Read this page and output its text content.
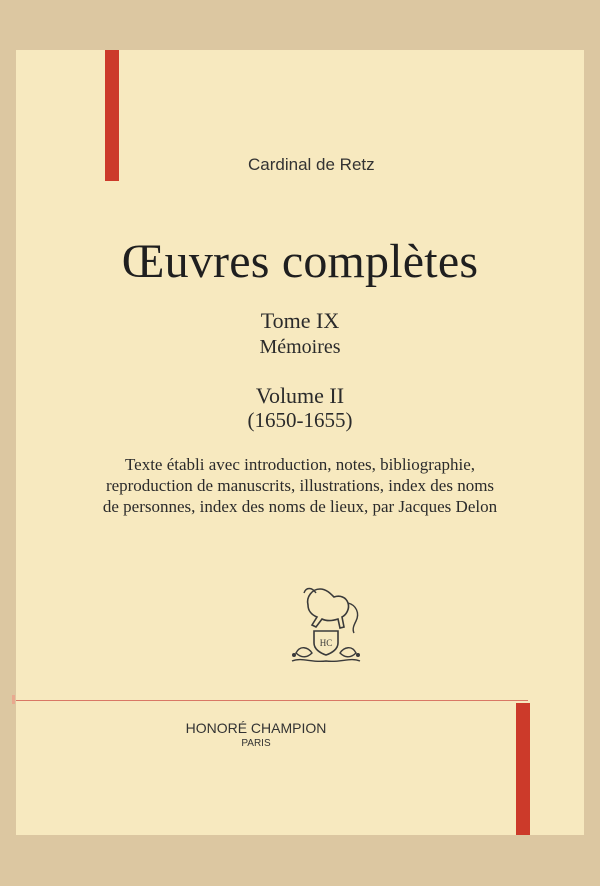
Cardinal de Retz
Œuvres complètes
Tome IX
Mémoires
Volume II
(1650-1655)
Texte établi avec introduction, notes, bibliographie,
reproduction de manuscrits, illustrations, index des noms
de personnes, index des noms de lieux, par Jacques Delon
HC
HONORÉ CHAMPION
PARIS
